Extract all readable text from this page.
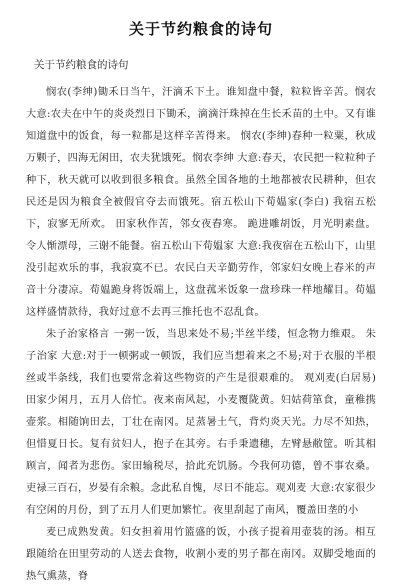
关于节约粮食的诗句
关于节约粮食的诗句

悯农(李绅)锄禾日当午，汗滴禾下土。谁知盘中餐，粒粒皆辛苦。悯农 大意:农夫在中午的炎炎烈日下锄禾，滴滴汗珠掉在生长禾苗的土中。又有谁知道盘中的饭食，每一粒都是这样辛苦得来。 悯农(李绅)春种一粒粟，秋成万颗子，四海无闲田，农夫犹饿死。悯农李绅 大意:春天，农民把一粒粒种子种下，秋天就可以收到很多粮食。虽然全国各地的土地都被农民耕种，但农民还是因为粮食全被假官夺去而饿死。宿五松山下荀媪家(李白) 我宿五松下，寂寥无所欢。 田家秋作苦，邻女夜舂寒。 跪进雕胡饭，月光明素盘。 令人惭漂母，三谢不能餐。宿五松山下荀媪家 大意:我夜宿在五松山下，山里没引起欢乐的事，我寂寞不已。农民白天辛勤劳作，邻家妇女晚上春米的声音十分凄凉。荀媪跪身将饭端上，这盘菰米饭象一盘珍珠一样地耀目。荀媪这样盛情款待，我好过意不去再三推托也不忍乱食。

朱子治家格言 一粥一饭，当思来处不易;半丝半缕，恒念物力维艰。 朱子治家 大意:对于一顿粥或一顿饭，我们应当想着来之不易;对于衣服的半根丝或半条线，我们也要常念着这些物资的产生是很艰难的。 观刈麦(白居易)田家少闲月，五月人倍忙。夜来南风起，小麦覆陇黄。妇姑荷箪食，童稚携壶浆。相随饷田去，丁壮在南冈。足蒸暑土气，背灼炎天光。力尽不知热，但惜夏日长。复有贫妇人，抱子在其旁。右手秉遗穗，左臂悬敝筐。听其相顾言，闻者为悲伤。家田输税尽，拾此充饥肠。今我何功德，曾不事农桑。吏禄三百石，岁晏有余粮。念此私自愧，尽日不能忘。观刈麦 大意:农家很少有空闲的月份，到了五月人们更加繁忙。夜里刮起了南风，覆盖田垄的小

麦已成熟发黄。妇女担着用竹篮盛的饭，小孩子提着用壶装的汤。相互跟随给在田里劳动的人送去食物，收割小麦的男子都在南冈。双脚受地面的热气熏蒸，脊
